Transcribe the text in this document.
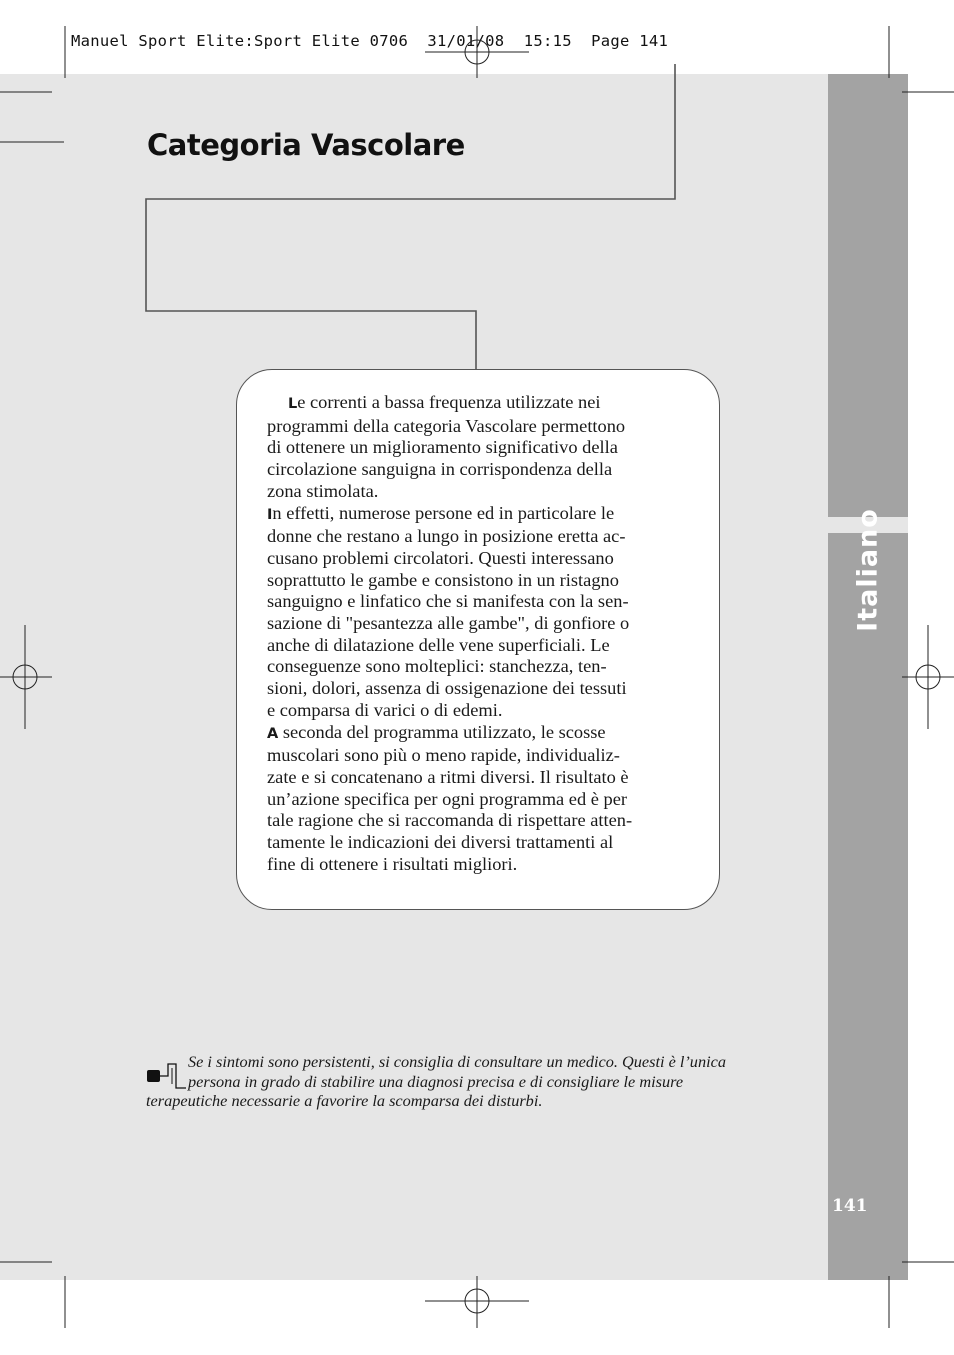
Manuel Sport Elite:Sport Elite 0706  31/01/08  15:15  Page 141
Italiano
141
Categoria Vascolare

Le correnti a bassa frequenza utilizzate nei

programmi della categoria Vascolare permettono

di ottenere un miglioramento significativo della

circolazione sanguigna in corrispondenza della

zona stimolata.

In effetti, numerose persone ed in particolare le

donne che restano a lungo in posizione eretta ac-

cusano problemi circolatori. Questi interessano

soprattutto le gambe e consistono in un ristagno

sanguigno e linfatico che si manifesta con la sen-

sazione di "pesantezza alle gambe", di gonfiore o

anche di dilatazione delle vene superficiali. Le

conseguenze sono molteplici: stanchezza, ten-

sioni, dolori, assenza di ossigenazione dei tessuti

e comparsa di varici o di edemi.

A seconda del programma utilizzato, le scosse

muscolari sono più o meno rapide, individualiz-

zate e si concatenano a ritmi diversi. Il risultato è

un’azione specifica per ogni programma ed è per

tale ragione che si raccomanda di rispettare atten-

tamente le indicazioni dei diversi trattamenti al

fine di ottenere i risultati migliori.

Se i sintomi sono persistenti, si consiglia di consultare un medico. Questi è l’unica

persona in grado di stabilire una diagnosi precisa e di consigliare le misure

terapeutiche necessarie a favorire la scomparsa dei disturbi.
